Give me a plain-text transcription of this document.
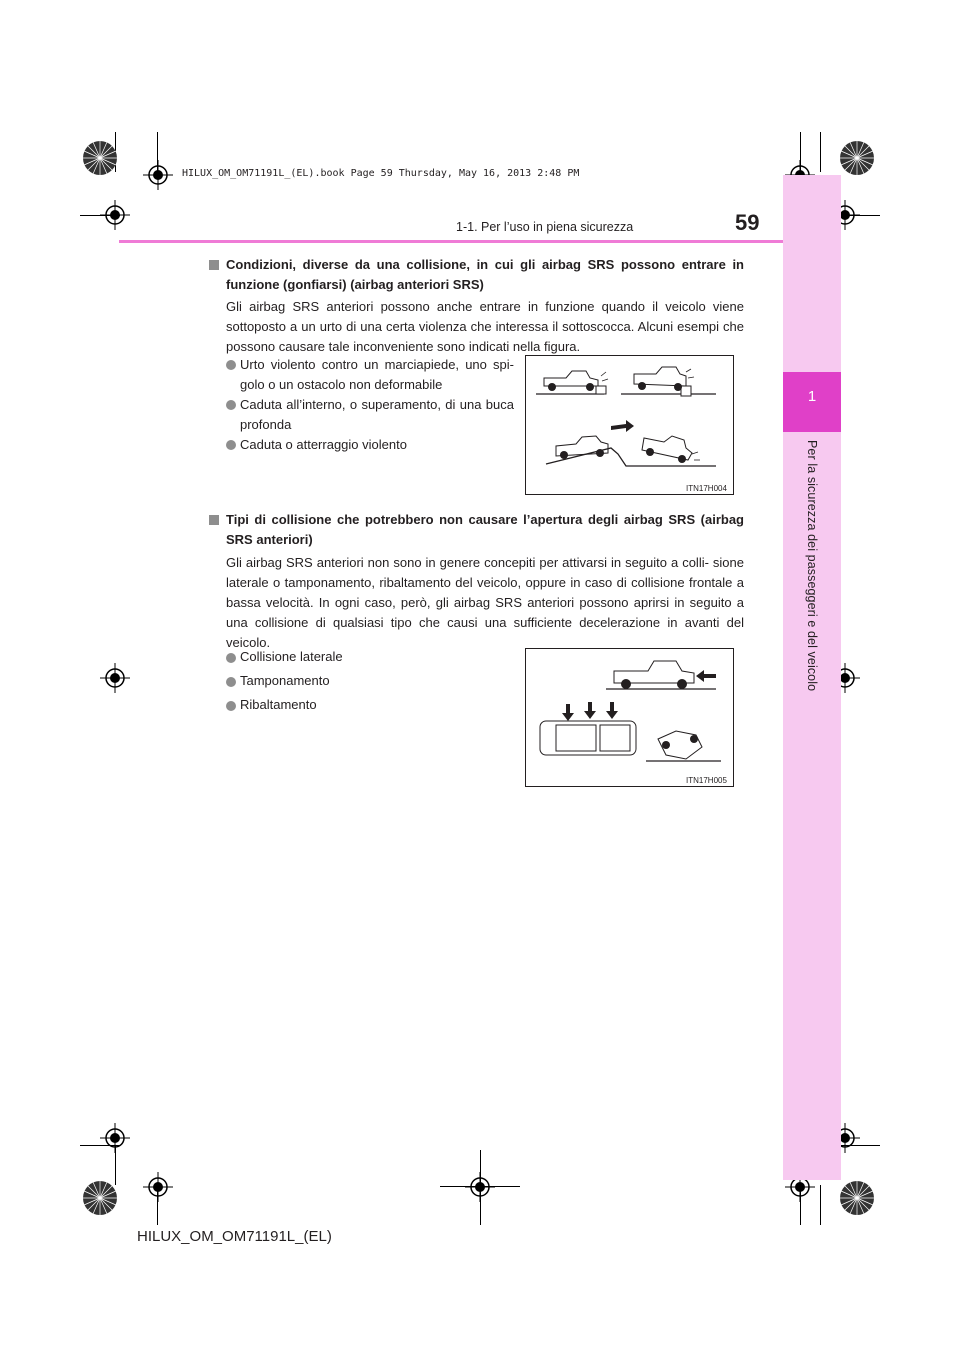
HILUX_OM_OM71191L_(EL).book Page 59 Thursday, May 16, 2013 2:48 PM
1-1. Per l’uso in piena sicurezza	59
1
Per la sicurezza dei passeggeri e del veicolo
Condizioni, diverse da una collisione, in cui gli airbag SRS possono entrare in
funzione (gonfiarsi) (airbag anteriori SRS)
Gli airbag SRS anteriori possono anche entrare in funzione quando il veicolo viene sottoposto a un urto di una certa violenza che interessa il sottoscocca. Alcuni esempi che possono causare tale inconveniente sono indicati nella figura.
Urto violento contro un marciapiede, uno spi- golo o un ostacolo non deformabile
Caduta all’interno, o superamento, di una buca profonda
Caduta o atterraggio violento
ITN17H004
Tipi di collisione che potrebbero non causare l’apertura degli airbag SRS (airbag
SRS anteriori)
Gli airbag SRS anteriori non sono in genere concepiti per attivarsi in seguito a colli- sione laterale o tamponamento, ribaltamento del veicolo, oppure in caso di collisione frontale a bassa velocità. In ogni caso, però, gli airbag SRS anteriori possono aprirsi in seguito a una collisione di qualsiasi tipo che causi una sufficiente decelerazione in avanti del veicolo.
Collisione laterale
Tamponamento
Ribaltamento
ITN17H005
HILUX_OM_OM71191L_(EL)
